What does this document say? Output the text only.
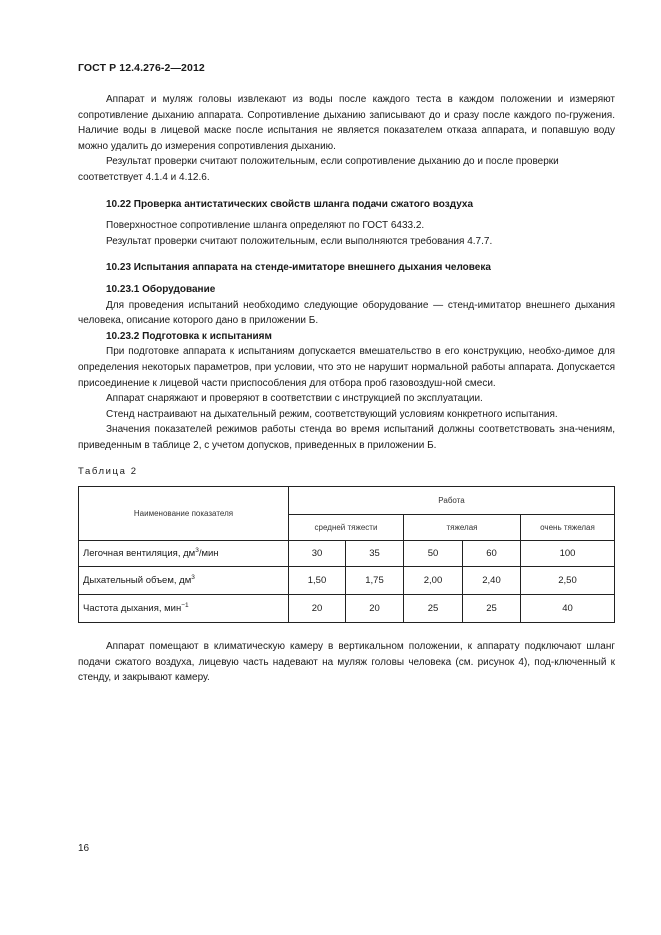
ГОСТ Р 12.4.276-2—2012

Аппарат и муляж головы извлекают из воды после каждого теста в каждом положении и измеряют сопротивление дыханию аппарата. Сопротивление дыханию записывают до и сразу после каждого по-гружения. Наличие воды в лицевой маске после испытания не является показателем отказа аппарата, и попавшую воду можно удалить до измерения сопротивления дыханию.

Результат проверки считают положительным, если сопротивление дыханию до и после проверки соответствует 4.1.4 и 4.12.6.

10.22 Проверка антистатических свойств шланга подачи сжатого воздуха

Поверхностное сопротивление шланга определяют по ГОСТ 6433.2.

Результат проверки считают положительным, если выполняются требования 4.7.7.

10.23 Испытания аппарата на стенде-имитаторе внешнего дыхания человека

10.23.1 Оборудование

Для проведения испытаний необходимо следующие оборудование — стенд-имитатор внешнего дыхания человека, описание которого дано в приложении Б.

10.23.2 Подготовка к испытаниям

При подготовке аппарата к испытаниям допускается вмешательство в его конструкцию, необхо-димое для определения некоторых параметров, при условии, что это не нарушит нормальной работы аппарата. Допускается присоединение к лицевой части приспособления для отбора проб газовоздуш-ной смеси.

Аппарат снаряжают и проверяют в соответствии с инструкцией по эксплуатации.

Стенд настраивают на дыхательный режим, соответствующий условиям конкретного испытания.

Значения показателей режимов работы стенда во время испытаний должны соответствовать зна-чениям, приведенным в таблице 2, с учетом допусков, приведенных в приложении Б.

Таблица 2

Наименование показателя	Работа				
	средней тяжести		тяжелая		очень тяжелая
Легочная вентиляция, $дм^3$/мин	30	35	50	60	100
Дыхательный объем, $дм^3$	1,50	1,75	2,00	2,40	2,50
Частота дыхания, мин$^{-1}$	20	20	25	25	40

Аппарат помещают в климатическую камеру в вертикальном положении, к аппарату подключают шланг подачи сжатого воздуха, лицевую часть надевают на муляж головы человека (см. рисунок 4), под-ключенный к стенду, и закрывают камеру.

16
